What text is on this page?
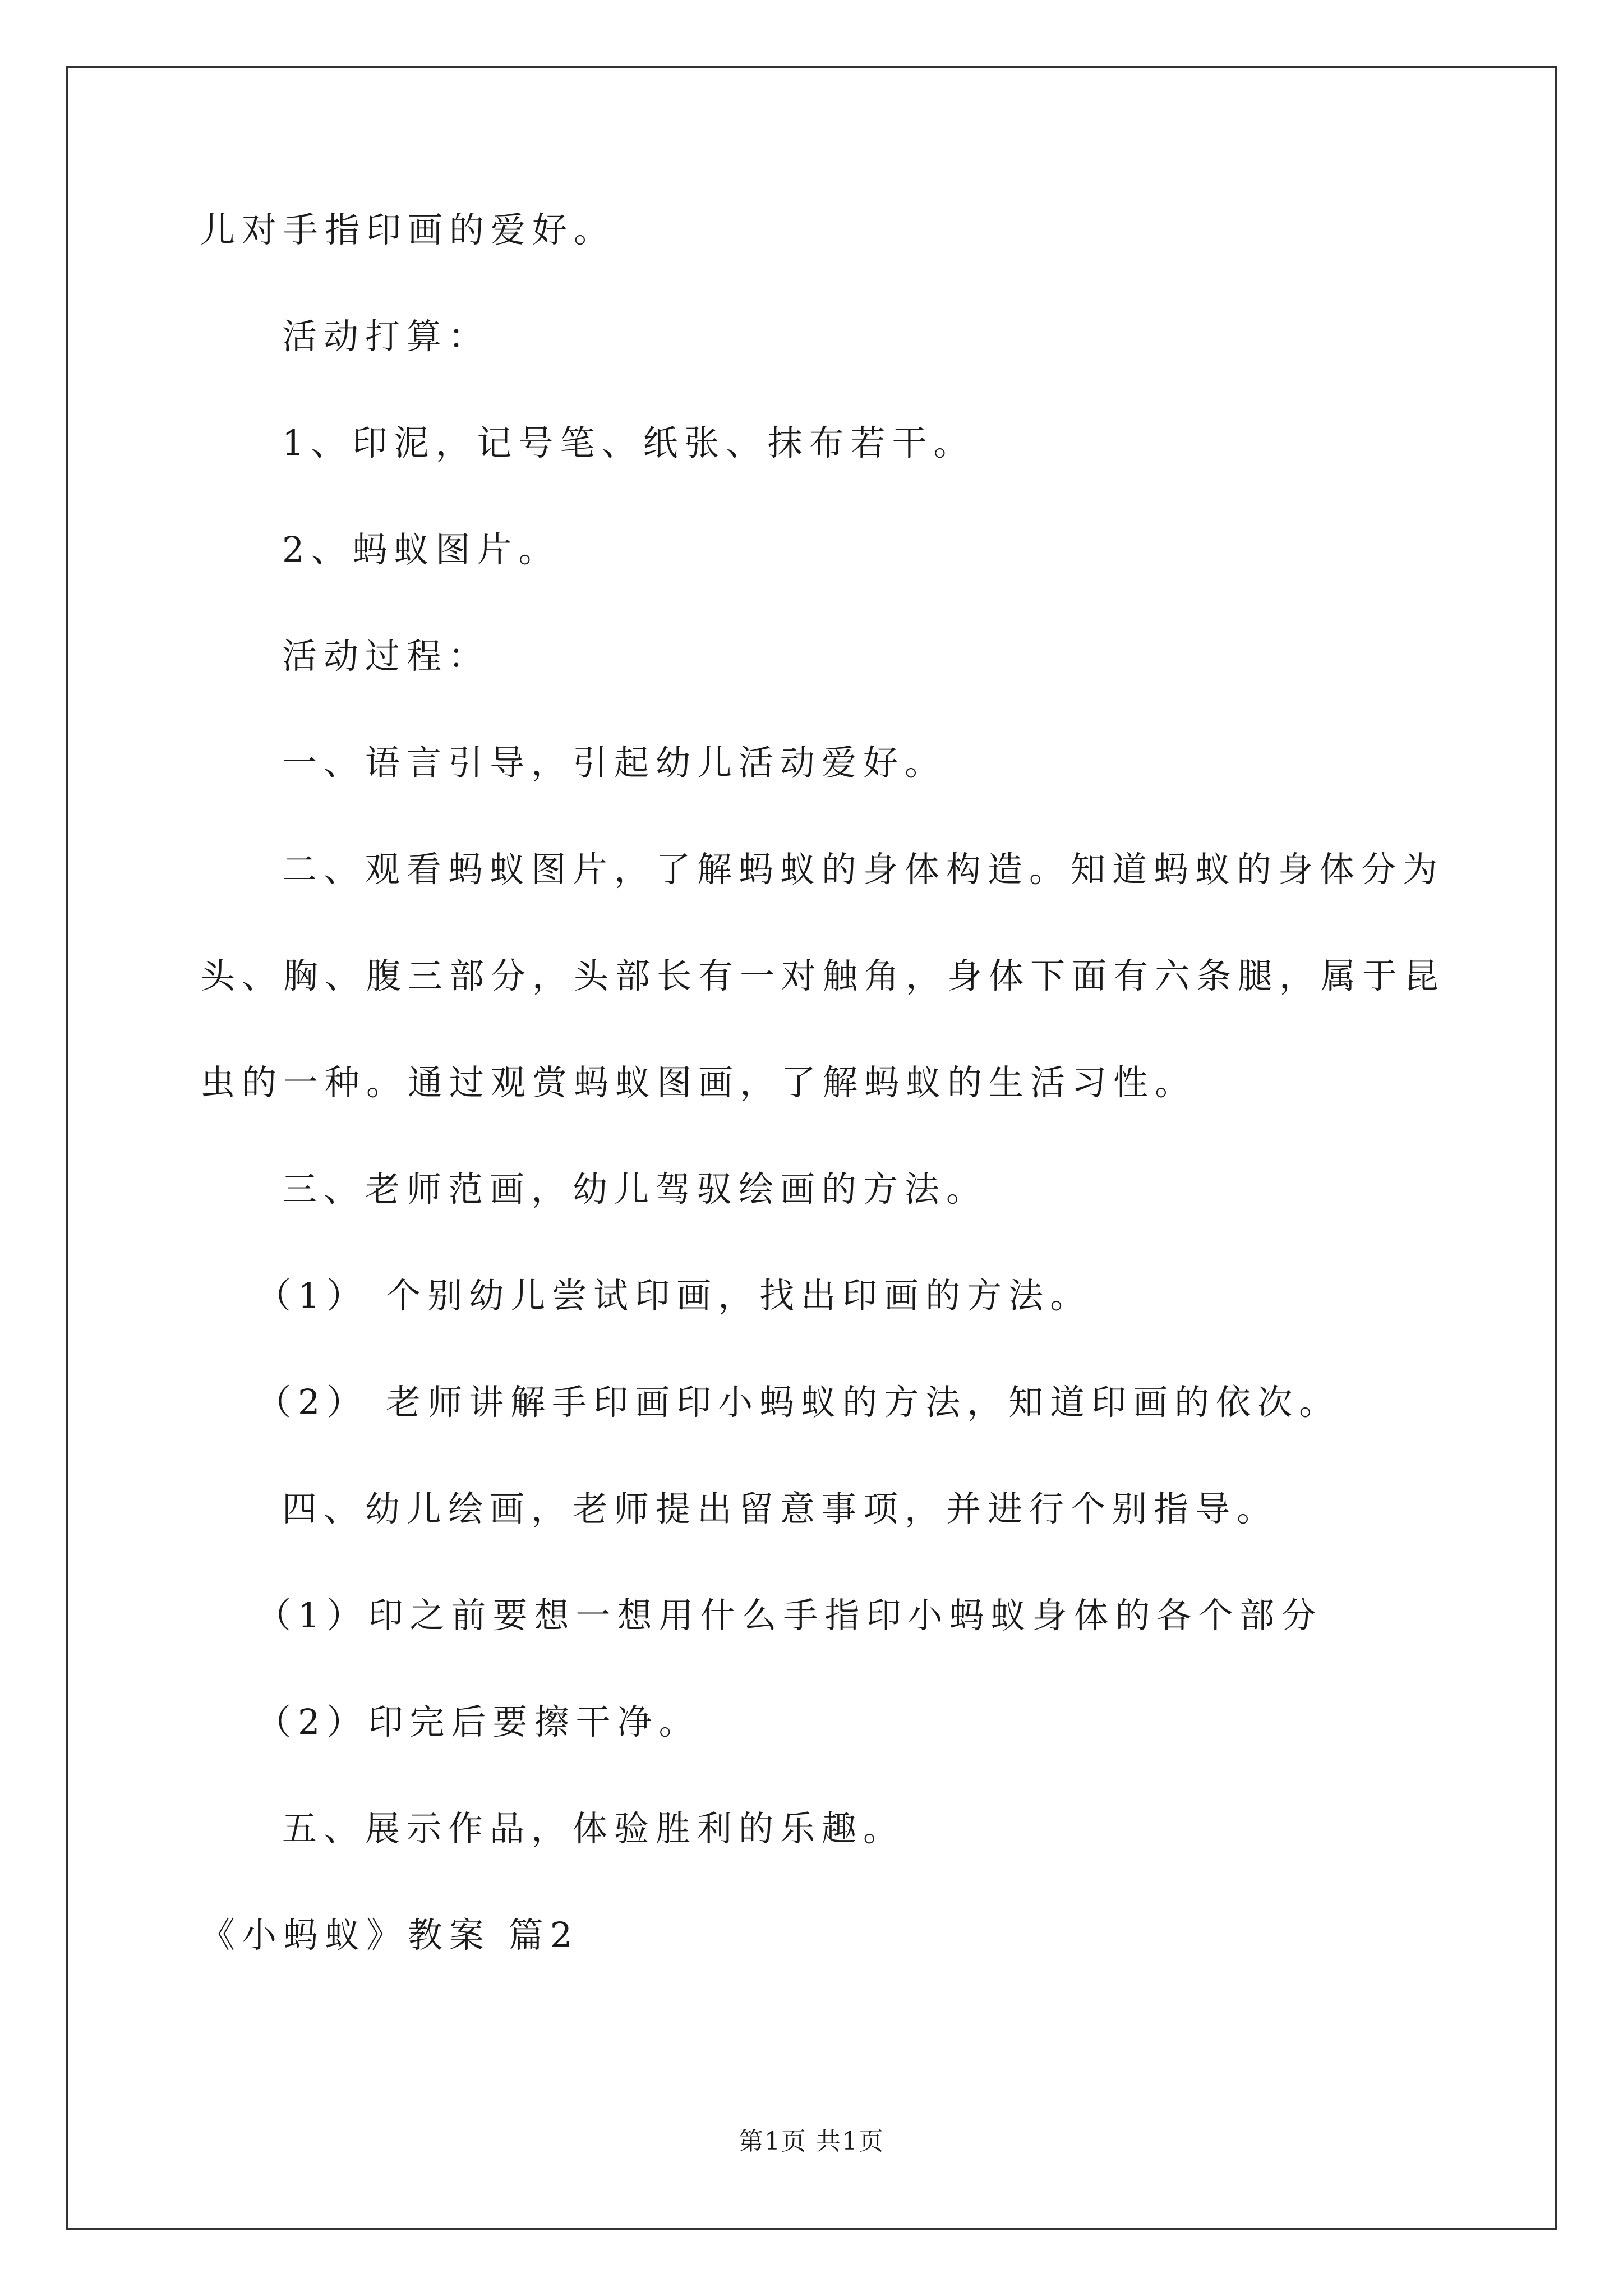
儿对手指印画的爱好。
活动打算：
1、印泥，记号笔、纸张、抹布若干。
2、蚂蚁图片。
活动过程：
一、语言引导，引起幼儿活动爱好。
二、观看蚂蚁图片，了解蚂蚁的身体构造。知道蚂蚁的身体分为
头、胸、腹三部分，头部长有一对触角，身体下面有六条腿，属于昆
虫的一种。通过观赏蚂蚁图画，了解蚂蚁的生活习性。
三、老师范画，幼儿驾驭绘画的方法。
（1） 个别幼儿尝试印画，找出印画的方法。
（2） 老师讲解手印画印小蚂蚁的方法，知道印画的依次。
四、幼儿绘画，老师提出留意事项，并进行个别指导。
（1）印之前要想一想用什么手指印小蚂蚁身体的各个部分
（2）印完后要擦干净。
五、展示作品，体验胜利的乐趣。
《小蚂蚁》教案 篇2
第1页 共1页
